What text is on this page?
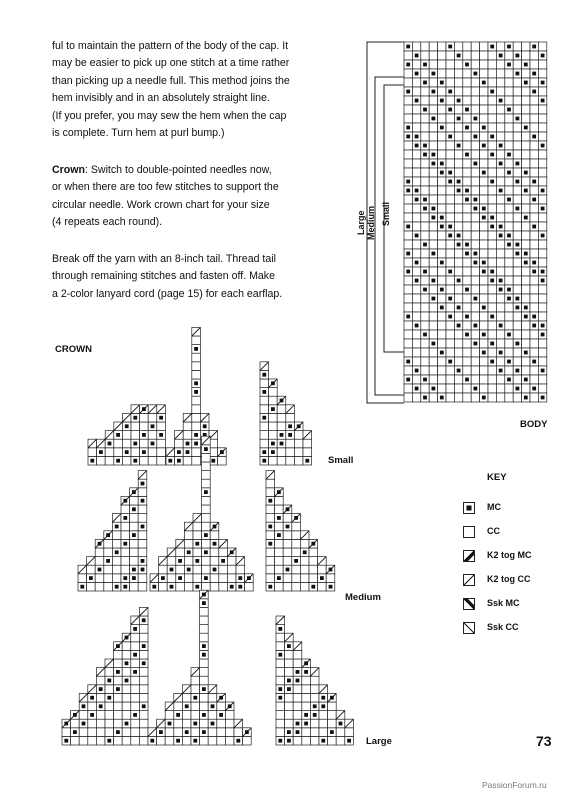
ful to maintain the pattern of the body of the cap. It

may be easier to pick up one stitch at a time rather

than picking up a needle full. This method joins the

hem invisibly and in an absolutely straight line.

(If you prefer, you may sew the hem when the cap

is complete. Turn hem at purl bump.)

Crown: Switch to double-pointed needles now,

or when there are too few stitches to support the

circular needle. Work crown chart for your size

(4 repeats each round).

Break off the yarn with an 8-inch tail. Thread tail

through remaining stitches and fasten off. Make

a 2-color lanyard cord (page 15) for each earflap.

Large Medium Small
BODY
CROWN
Small
Medium
Large
KEY
MC
CC
K2 tog MC
K2 tog CC
Ssk MC
Ssk CC
73
PassionForum.ru
